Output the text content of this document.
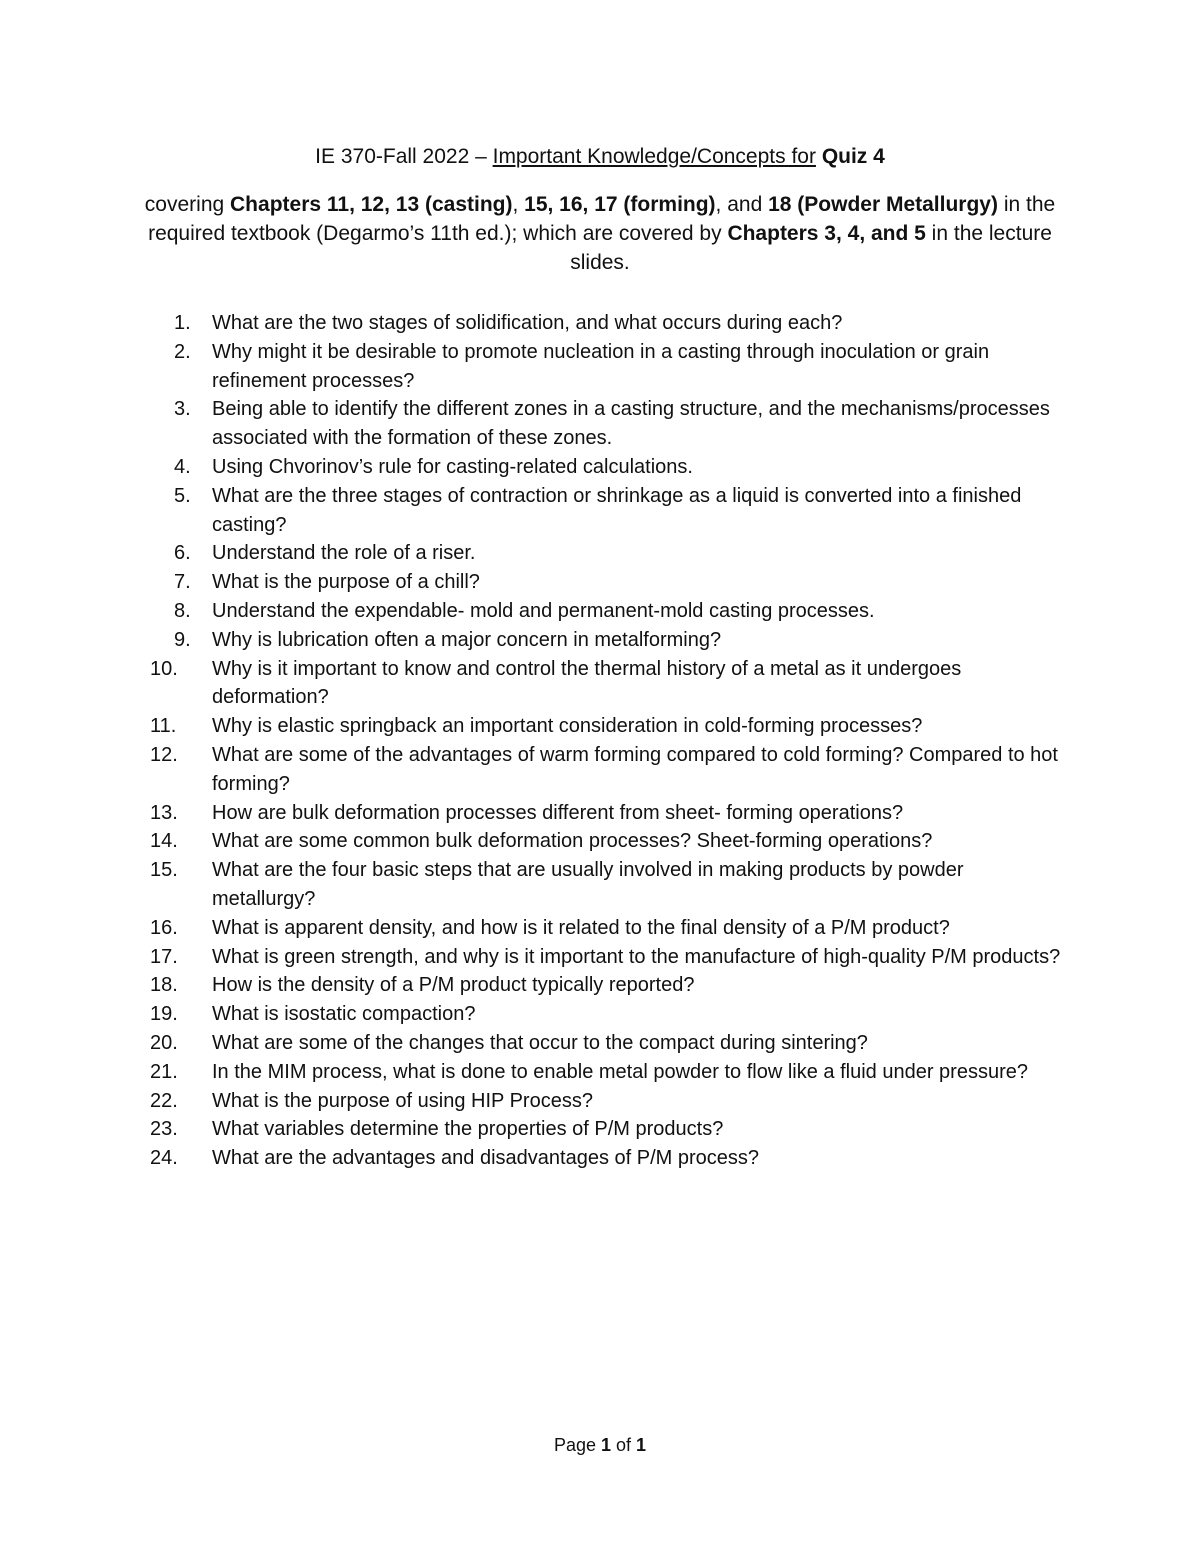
IE 370-Fall 2022 – Important Knowledge/Concepts for Quiz 4
covering Chapters 11, 12, 13 (casting), 15, 16, 17 (forming), and 18 (Powder Metallurgy) in the required textbook (Degarmo’s 11th ed.); which are covered by Chapters 3, 4, and 5 in the lecture slides.
1.	What are the two stages of solidification, and what occurs during each?
2.	Why might it be desirable to promote nucleation in a casting through inoculation or grain refinement processes?
3.	Being able to identify the different zones in a casting structure, and the mechanisms/processes associated with the formation of these zones.
4.	Using Chvorinov’s rule for casting-related calculations.
5.	What are the three stages of contraction or shrinkage as a liquid is converted into a finished casting?
6.	Understand the role of a riser.
7.	What is the purpose of a chill?
8.	Understand the expendable- mold and permanent-mold casting processes.
9.	Why is lubrication often a major concern in metalforming?
10.	Why is it important to know and control the thermal history of a metal as it undergoes deformation?
11.	Why is elastic springback an important consideration in cold-forming processes?
12.	What are some of the advantages of warm forming compared to cold forming? Compared to hot forming?
13.	How are bulk deformation processes different from sheet- forming operations?
14.	What are some common bulk deformation processes? Sheet-forming operations?
15.	What are the four basic steps that are usually involved in making products by powder metallurgy?
16.	What is apparent density, and how is it related to the final density of a P/M product?
17.	What is green strength, and why is it important to the manufacture of high-quality P/M products?
18.	How is the density of a P/M product typically reported?
19.	What is isostatic compaction?
20.	What are some of the changes that occur to the compact during sintering?
21.	In the MIM process, what is done to enable metal powder to flow like a fluid under pressure?
22.	What is the purpose of using HIP Process?
23.	What variables determine the properties of P/M products?
24.	What are the advantages and disadvantages of P/M process?
Page 1 of 1
